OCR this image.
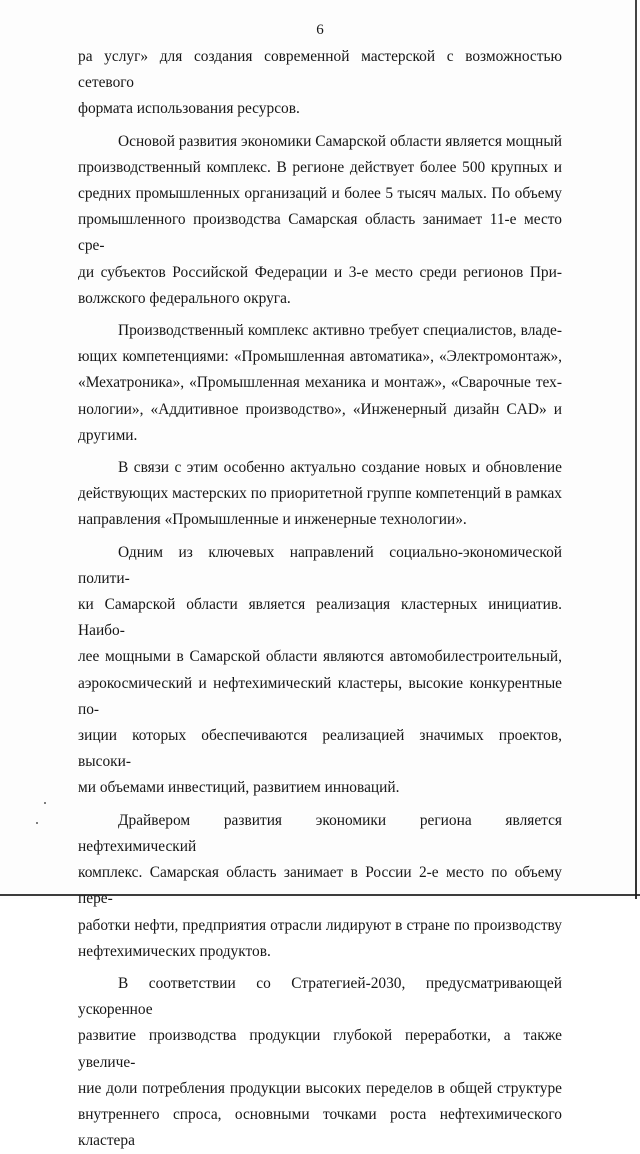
6

ра услуг» для создания современной мастерской с возможностью сетевого

формата использования ресурсов.

Основой развития экономики Самарской области является мощный

производственный комплекс. В регионе действует более 500 крупных и

средних промышленных организаций и более 5 тысяч малых. По объему

промышленного производства Самарская область занимает 11-е место сре-

ди субъектов Российской Федерации и 3-е место среди регионов При-

волжского федерального округа.

Производственный комплекс активно требует специалистов, владе-

ющих компетенциями: «Промышленная автоматика», «Электромонтаж»,

«Мехатроника», «Промышленная механика и монтаж», «Сварочные тех-

нологии», «Аддитивное производство», «Инженерный дизайн CAD» и

другими.

В связи с этим особенно актуально создание новых и обновление

действующих мастерских по приоритетной группе компетенций в рамках

направления «Промышленные и инженерные технологии».

Одним из ключевых направлений социально-экономической полити-

ки Самарской области является реализация кластерных инициатив. Наибо-

лее мощными в Самарской области являются автомобилестроительный,

аэрокосмический и нефтехимический кластеры, высокие конкурентные по-

зиции которых обеспечиваются реализацией значимых проектов, высоки-

ми объемами инвестиций, развитием инноваций.

Драйвером развития экономики региона является нефтехимический

комплекс. Самарская область занимает в России 2-е место по объему пере-

работки нефти, предприятия отрасли лидируют в стране по производству

нефтехимических продуктов.

В соответствии со Стратегией-2030, предусматривающей ускоренное

развитие производства продукции глубокой переработки, а также увеличе-

ние доли потребления продукции высоких переделов в общей структуре

внутреннего спроса, основными точками роста нефтехимического кластера
